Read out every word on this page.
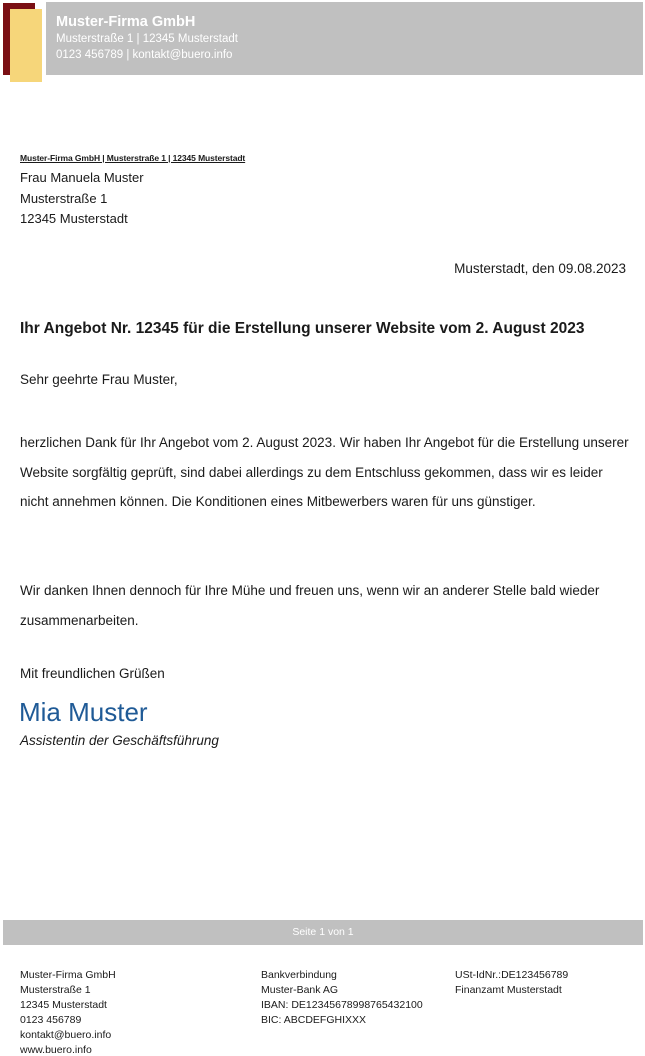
Muster-Firma GmbH
Musterstraße 1 | 12345 Musterstadt
0123 456789 | kontakt@buero.info
Muster-Firma GmbH | Musterstraße 1 | 12345 Musterstadt
Frau Manuela Muster
Musterstraße 1
12345 Musterstadt
Musterstadt, den 09.08.2023
Ihr Angebot Nr. 12345 für die Erstellung unserer Website vom 2. August 2023
Sehr geehrte Frau Muster,

herzlichen Dank für Ihr Angebot vom 2. August 2023. Wir haben Ihr Angebot für die Erstellung unserer Website sorgfältig geprüft, sind dabei allerdings zu dem Entschluss gekommen, dass wir es leider nicht annehmen können. Die Konditionen eines Mitbewerbers waren für uns günstiger.

Wir danken Ihnen dennoch für Ihre Mühe und freuen uns, wenn wir an anderer Stelle bald wieder zusammenarbeiten.

Mit freundlichen Grüßen
Mia Muster
Assistentin der Geschäftsführung
Seite 1 von 1
Muster-Firma GmbH
Musterstraße 1
12345 Musterstadt
0123 456789
kontakt@buero.info
www.buero.info
Bankverbindung
Muster-Bank AG
IBAN: DE12345678998765432100
BIC: ABCDEFGHIXXX
USt-IdNr.:DE123456789
Finanzamt Musterstadt
